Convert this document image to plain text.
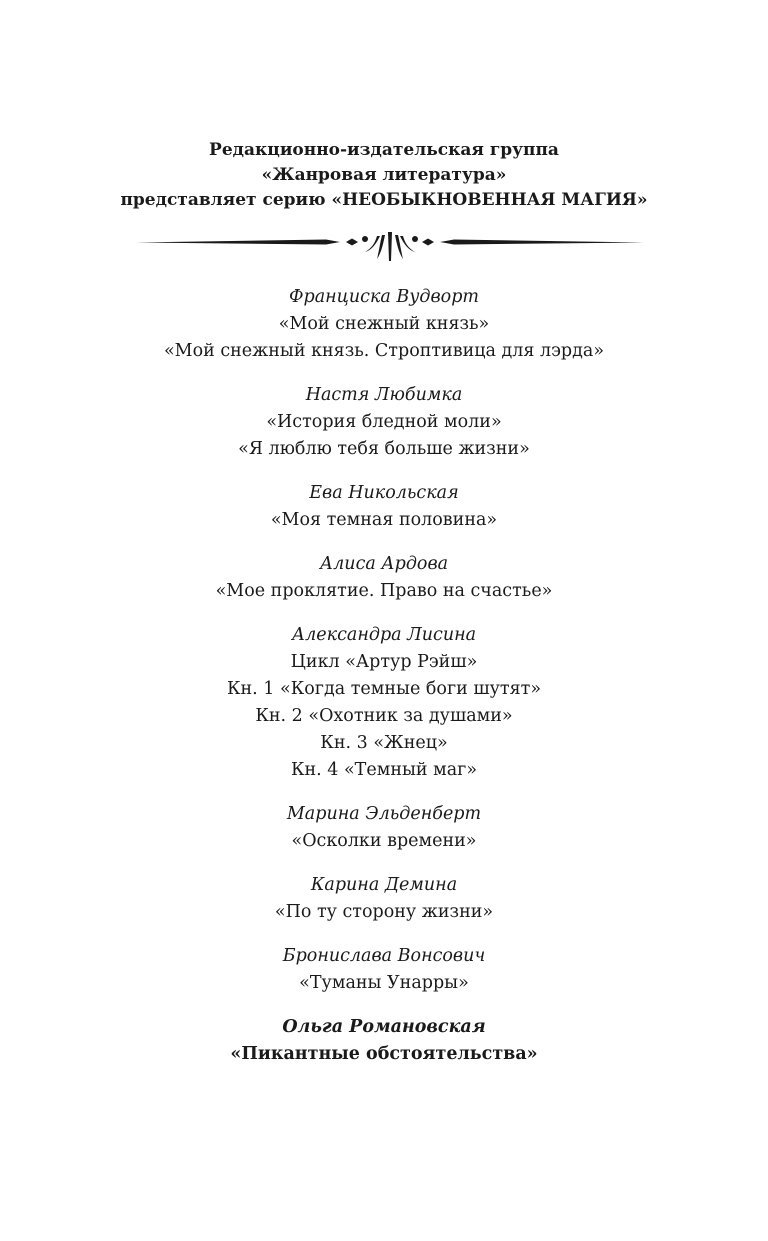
Редакционно-издательская группа
«Жанровая литература»
представляет серию «НЕОБЫКНОВЕННАЯ МАГИЯ»
Франциска Вудворт
«Мой снежный князь»
«Мой снежный князь. Строптивица для лэрда»
Настя Любимка
«История бледной моли»
«Я люблю тебя больше жизни»
Ева Никольская
«Моя темная половина»
Алиса Ардова
«Мое проклятие. Право на счастье»
Александра Лисина
Цикл «Артур Рэйш»
Кн. 1 «Когда темные боги шутят»
Кн. 2 «Охотник за душами»
Кн. 3 «Жнец»
Кн. 4 «Темный маг»
Марина Эльденберт
«Осколки времени»
Карина Демина
«По ту сторону жизни»
Бронислава Вонсович
«Туманы Унарры»
Ольга Романовская
«Пикантные обстоятельства»
